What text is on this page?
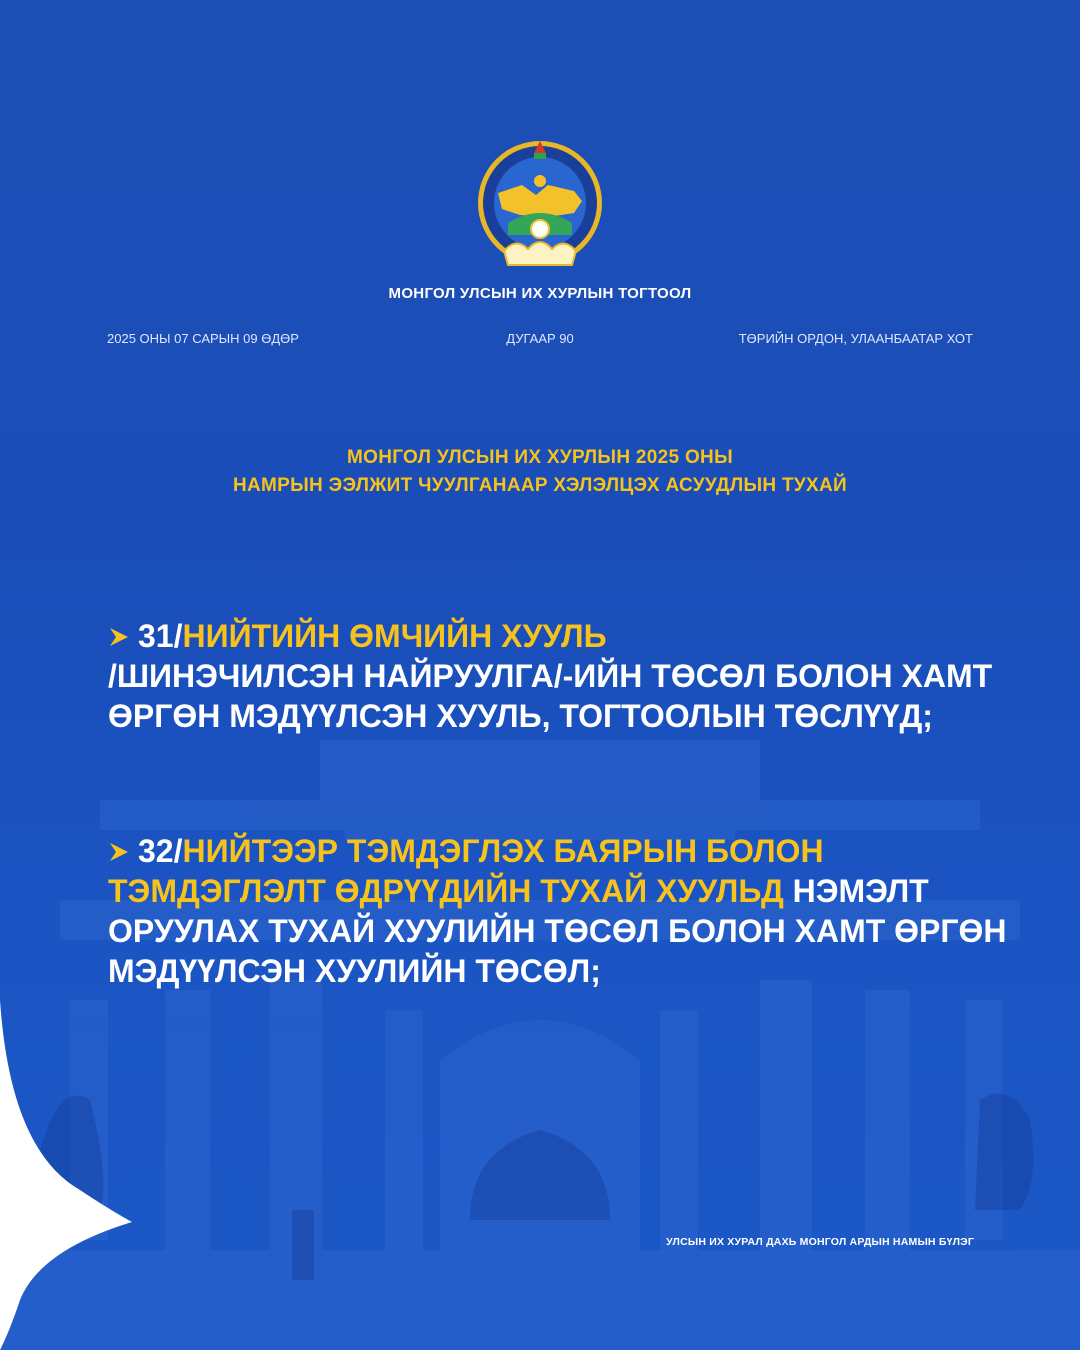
МОНГОЛ УЛСЫН ИХ ХУРЛЫН ТОГТООЛ
2025 ОНЫ 07 САРЫН 09 ӨДӨР	ДУГААР 90	ТӨРИЙН ОРДОН, УЛААНБААТАР ХОТ
МОНГОЛ УЛСЫН ИХ ХУРЛЫН 2025 ОНЫ
НАМРЫН ЭЭЛЖИТ ЧУУЛГАНААР ХЭЛЭЛЦЭХ АСУУДЛЫН ТУХАЙ
31/НИЙТИЙН ӨМЧИЙН ХУУЛЬ
/ШИНЭЧИЛСЭН НАЙРУУЛГА/-ИЙН ТӨСӨЛ БОЛОН ХАМТ ӨРГӨН МЭДҮҮЛСЭН ХУУЛЬ, ТОГТООЛЫН ТӨСЛҮҮД;
32/НИЙТЭЭР ТЭМДЭГЛЭХ БАЯРЫН БОЛОН ТЭМДЭГЛЭЛТ ӨДРҮҮДИЙН ТУХАЙ ХУУЛЬД НЭМЭЛТ ОРУУЛАХ ТУХАЙ ХУУЛИЙН ТӨСӨЛ БОЛОН ХАМТ ӨРГӨН МЭДҮҮЛСЭН ХУУЛИЙН ТӨСӨЛ;
УЛСЫН ИХ ХУРАЛ ДАХЬ МОНГОЛ АРДЫН НАМЫН БҮЛЭГ
